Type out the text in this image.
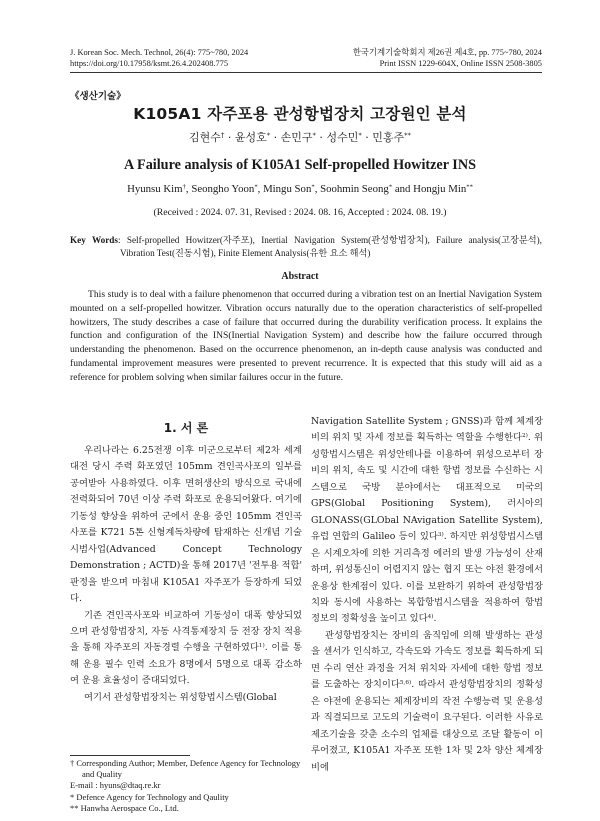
J. Korean Soc. Mech. Technol, 26(4): 775~780, 2024
https://doi.org/10.17958/ksmt.26.4.202408.775
한국기계기술학회지 제26권 제4호, pp. 775~780, 2024
Print ISSN 1229-604X, Online ISSN 2508-3805
《생산기술》
K105A1 자주포용 관성항법장치 고장원인 분석
김현수† · 윤성호* · 손민구* · 성수민* · 민홍주**
A Failure analysis of K105A1 Self-propelled Howitzer INS
Hyunsu Kim†, Seongho Yoon*, Mingu Son*, Soohmin Seong* and Hongju Min**
(Received : 2024. 07. 31, Revised : 2024. 08. 16, Accepted : 2024. 08. 19.)
Key Words: Self-propelled Howitzer(자주포), Inertial Navigation System(관성항법장치), Failure analysis(고장분석), Vibration Test(진동시험), Finite Element Analysis(유한 요소 해석)
Abstract

This study is to deal with a failure phenomenon that occurred during a vibration test on an Inertial Navigation System mounted on a self-propelled howitzer. Vibration occurs naturally due to the operation characteristics of self-propelled howitzers, The study describes a case of failure that occurred during the durability verification process. It explains the function and configuration of the INS(Inertial Navigation System) and describe how the failure occurred through understanding the phenomenon. Based on the occurrence phenomenon, an in-depth cause analysis was conducted and fundamental improvement measures were presented to prevent recurrence. It is expected that this study will aid as a reference for problem solving when similar failures occur in the future.

1. 서 론

우리나라는 6.25전쟁 이후 미군으로부터 제2차 세계대전 당시 주력 화포였던 105mm 견인곡사포의 일부를 공여받아 사용하였다. 이후 면허생산의 방식으로 국내에 전력화되어 70년 이상 주력 화포로 운용되어왔다. 여기에 기동성 향상을 위하여 군에서 운용 중인 105mm 견인곡사포를 K721 5톤 신형계독차량에 탑재하는 신개념 기술 시범사업(Advanced Concept Technology Demonstration ; ACTD)을 통해 2017년 '전투용 적합' 판정을 받으며 마침내 K105A1 자주포가 등장하게 되었다.

기존 견인곡사포와 비교하여 기동성이 대폭 향상되었으며 관성항법장치, 자동 사격통제장치 등 전장 장치 적용을 통해 자주포의 자동경렬 수행을 구현하였다$^{1)}$. 이를 통해 운용 필수 인력 소요가 8명에서 5명으로 대폭 감소하여 운용 효율성이 증대되었다.

여기서 관성항법장치는 위성항법시스템(Global

Navigation Satellite System ; GNSS)과 함께 체계장비의 위치 및 자세 정보를 획득하는 역할을 수행한다$^{2)}$. 위성항법시스템은 위성안테나를 이용하여 위성으로부터 장비의 위치, 속도 및 시간에 대한 항법 정보를 수신하는 시스템으로 국방 분야에서는 대표적으로 미국의 GPS(Global Positioning System), 러시아의 GLONASS(GLObal NAvigation Satellite System), 유럽 연합의 Galileo 등이 있다$^{3)}$. 하지만 위성항법시스템은 시계오차에 의한 거리측정 에러의 발생 가능성이 산재하며, 위성통신이 어렵지지 않는 협지 또는 야전 환경에서 운용상 한계점이 있다. 이를 보완하기 위하여 관성항법장치와 동시에 사용하는 복합항법시스템을 적용하여 항법 정보의 정확성을 높이고 있다$^{4)}$.

관성항법장치는 장비의 움직임에 의해 발생하는 관성을 센서가 인식하고, 각속도와 가속도 정보를 획득하게 되면 수리 연산 과정을 거쳐 위치와 자세에 대한 항법 정보를 도출하는 장치이다$^{5,6)}$. 따라서 관성항법장치의 정확성은 야전에 운용되는 체계장비의 작전 수행능력 및 운용성과 직결되므로 고도의 기술력이 요구된다. 이러한 사유로 제조기술을 갖춘 소수의 업체를 대상으로 조달 활동이 이루어졌고, K105A1 자주포 또한 1차 및 2차 양산 체계장비에

† Corresponding Author; Member, Defence Agency for Technology and Quality
E-mail : hyuns@dtaq.re.kr
* Defence Agency for Technology and Qaulity
** Hanwha Aerospace Co., Ltd.
